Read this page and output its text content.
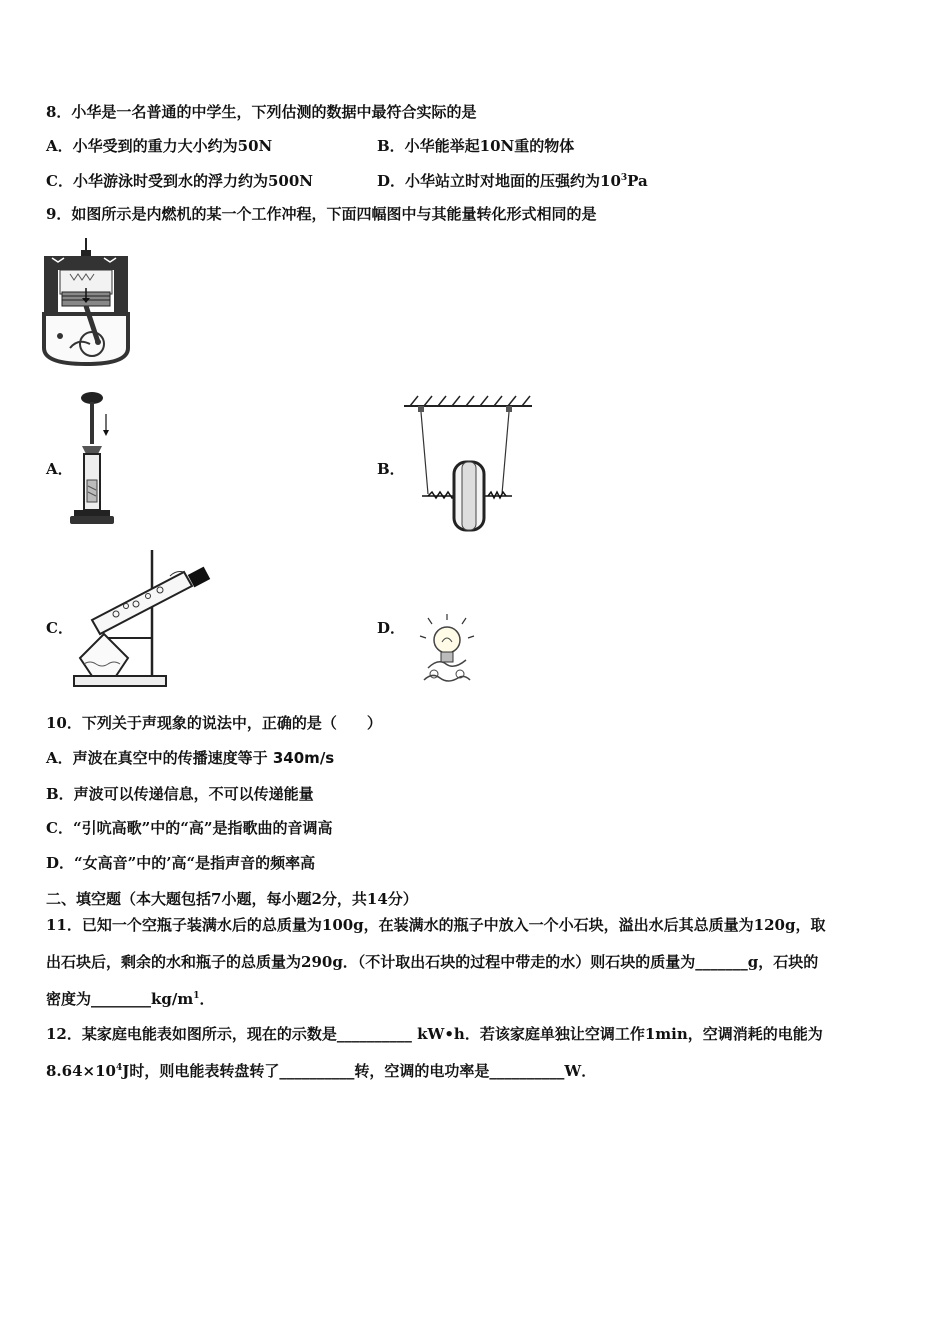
8．小华是一名普通的中学生，下列估测的数据中最符合实际的是
A．小华受到的重力大小约为50N	B．小华能举起10N重的物体
C．小华游泳时受到水的浮力约为500N	D．小华站立时对地面的压强约为$10^3Pa$
9．如图所示是内燃机的某一个工作冲程，下面四幅图中与其能量转化形式相同的是
A．	B．
C．	D．
10．下列关于声现象的说法中，正确的是（　　）
A．声波在真空中的传播速度等于 340m/s
B．声波可以传递信息，不可以传递能量
C．“引吭高歌”中的“高”是指歌曲的音调高
D．“女高音”中的’高“是指声音的频率高
二、填空题（本大题包括7小题，每小题2分，共14分）
11．已知一个空瓶子装满水后的总质量为100g，在装满水的瓶子中放入一个小石块，溢出水后其总质量为120g，取
出石块后，剩余的水和瓶子的总质量为290g．（不计取出石块的过程中带走的水）则石块的质量为_______g，石块的
密度为$\_\_\_\_\_\_\_\_kg/m^1$．
12．某家庭电能表如图所示，现在的示数是__________ kW•h．若该家庭单独让空调工作1min，空调消耗的电能为
$8.64\times 10^4J$时，则电能表转盘转了__________转，空调的电功率是__________W．
